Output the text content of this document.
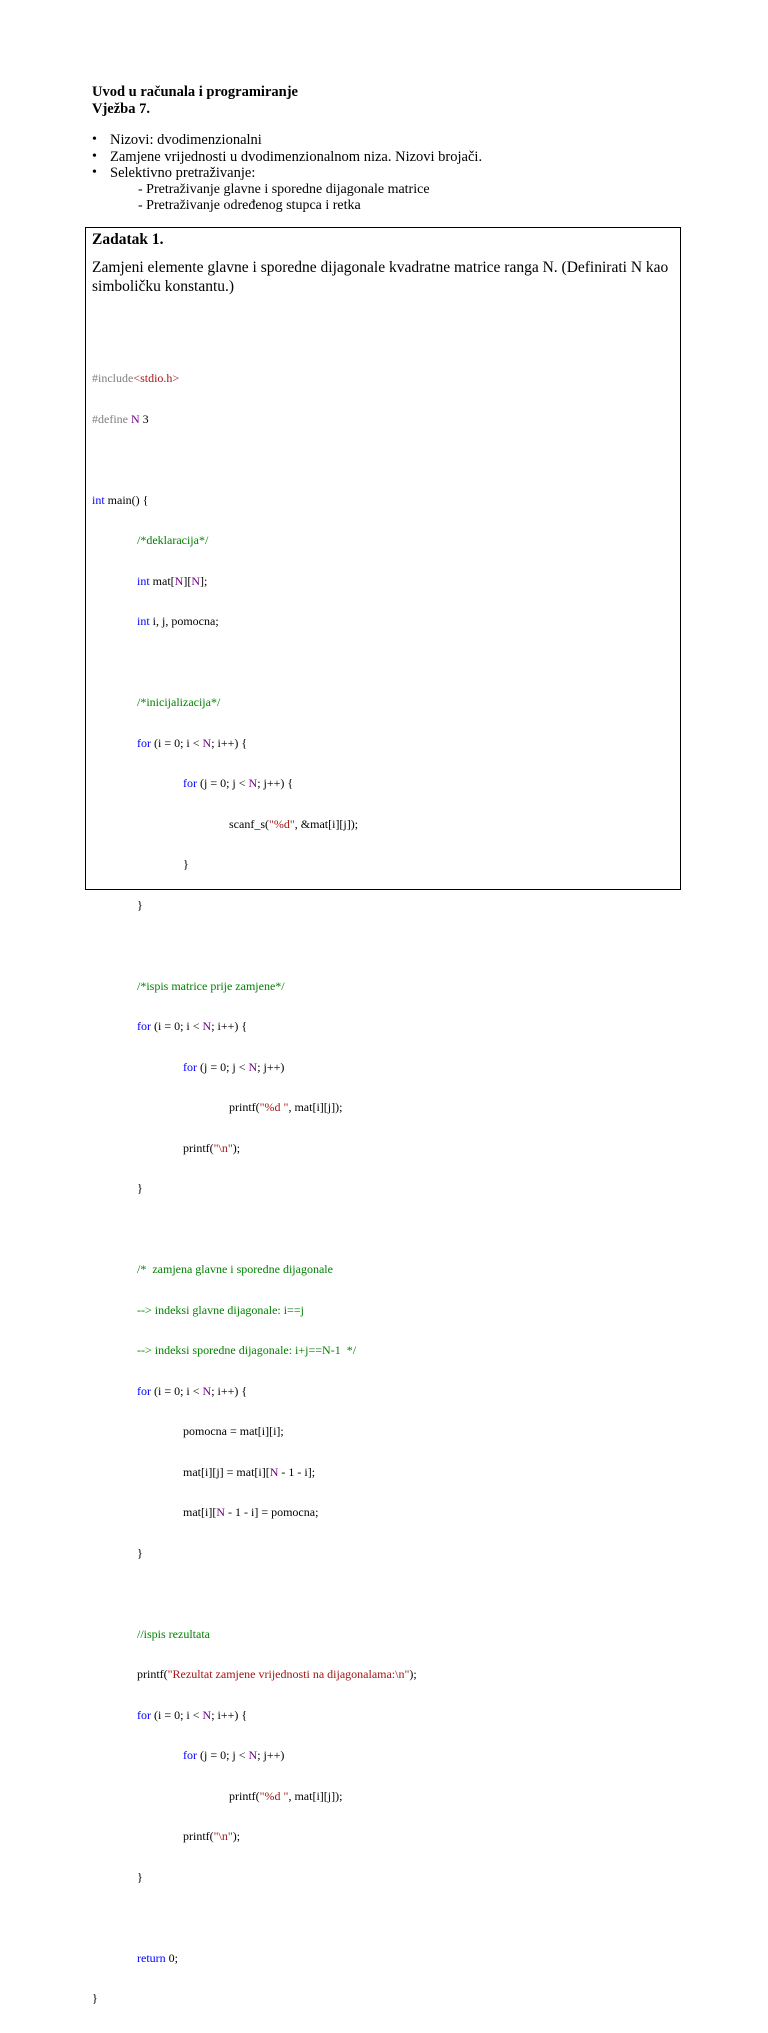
Uvod u računala i programiranje
Vježba 7.
• Nizovi: dvodimenzionalni
• Zamjene vrijednosti u dvodimenzionalnom niza. Nizovi brojači.
• Selektivno pretraživanje:
- Pretraživanje glavne i sporedne dijagonale matrice
- Pretraživanje određenog stupca i retka
Zadatak 1.
Zamjeni elemente glavne i sporedne dijagonale kvadratne matrice ranga N. (Definirati N kao simboličku konstantu.)

#include<stdio.h>

#define N 3

int main() {

/*deklaracija*/

int mat[N][N];

int i, j, pomocna;

/*inicijalizacija*/

for (i = 0; i < N; i++) {

for (j = 0; j < N; j++) {

scanf_s("%d", &mat[i][j]);

}

}

/*ispis matrice prije zamjene*/

for (i = 0; i < N; i++) {

for (j = 0; j < N; j++)

printf("%d ", mat[i][j]);

printf("\n");

}

/*  zamjena glavne i sporedne dijagonale

--> indeksi glavne dijagonale: i==j

--> indeksi sporedne dijagonale: i+j==N-1  */

for (i = 0; i < N; i++) {

pomocna = mat[i][i];

mat[i][j] = mat[i][N - 1 - i];

mat[i][N - 1 - i] = pomocna;

}

//ispis rezultata

printf("Rezultat zamjene vrijednosti na dijagonalama:\n");

for (i = 0; i < N; i++) {

for (j = 0; j < N; j++)

printf("%d ", mat[i][j]);

printf("\n");

}

return 0;

}
